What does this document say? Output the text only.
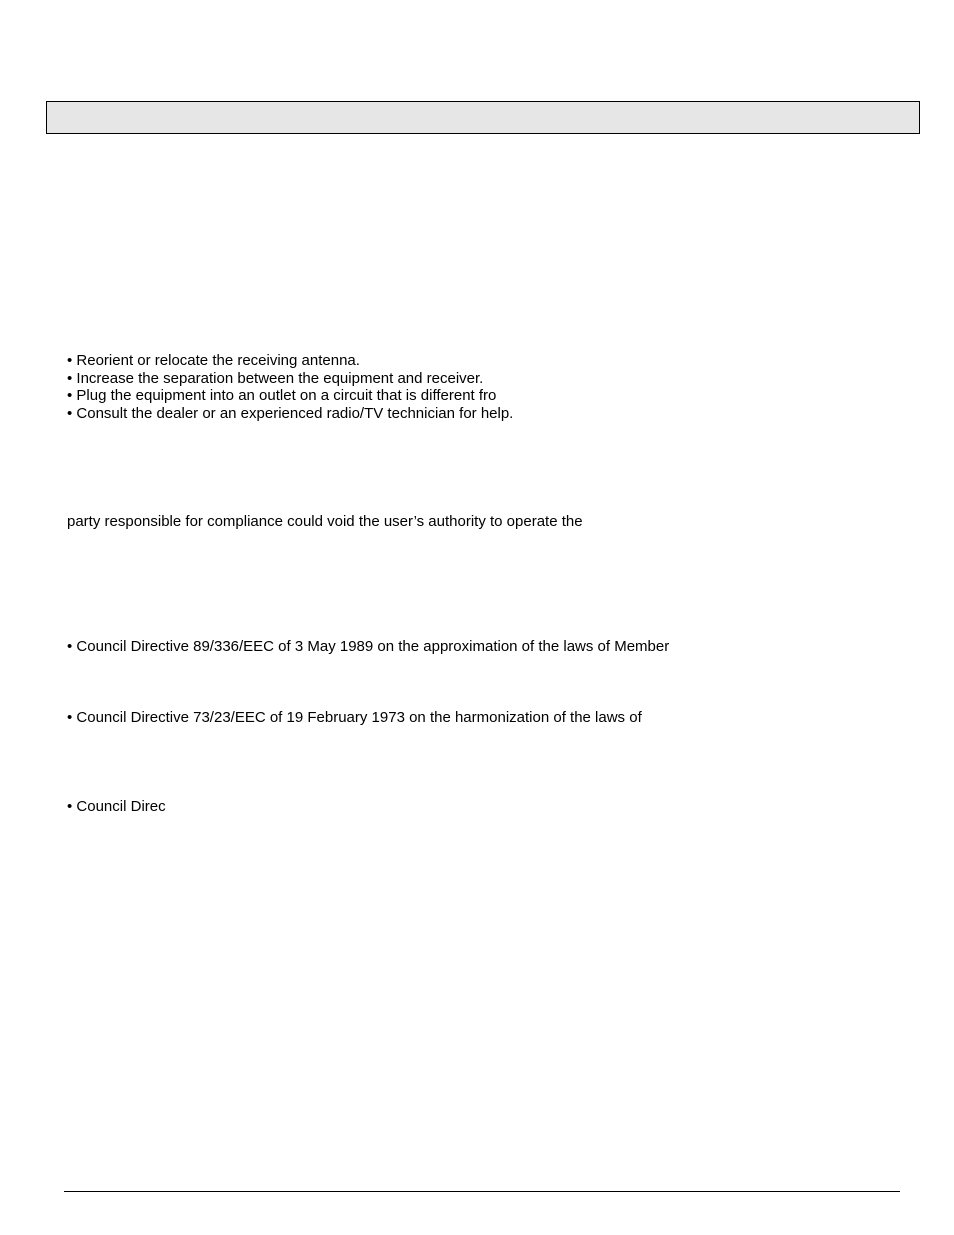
• Reorient or relocate the receiving antenna.
• Increase the separation between the equipment and receiver.
• Plug the equipment into an outlet on a circuit that is different fro
• Consult the dealer or an experienced radio/TV technician for help.
party responsible for compliance could void the user’s authority to operate the
• Council Directive 89/336/EEC of 3 May 1989 on the approximation of the laws of Member
• Council Directive 73/23/EEC of 19 February 1973 on the harmonization of the laws of
• Council Direc
